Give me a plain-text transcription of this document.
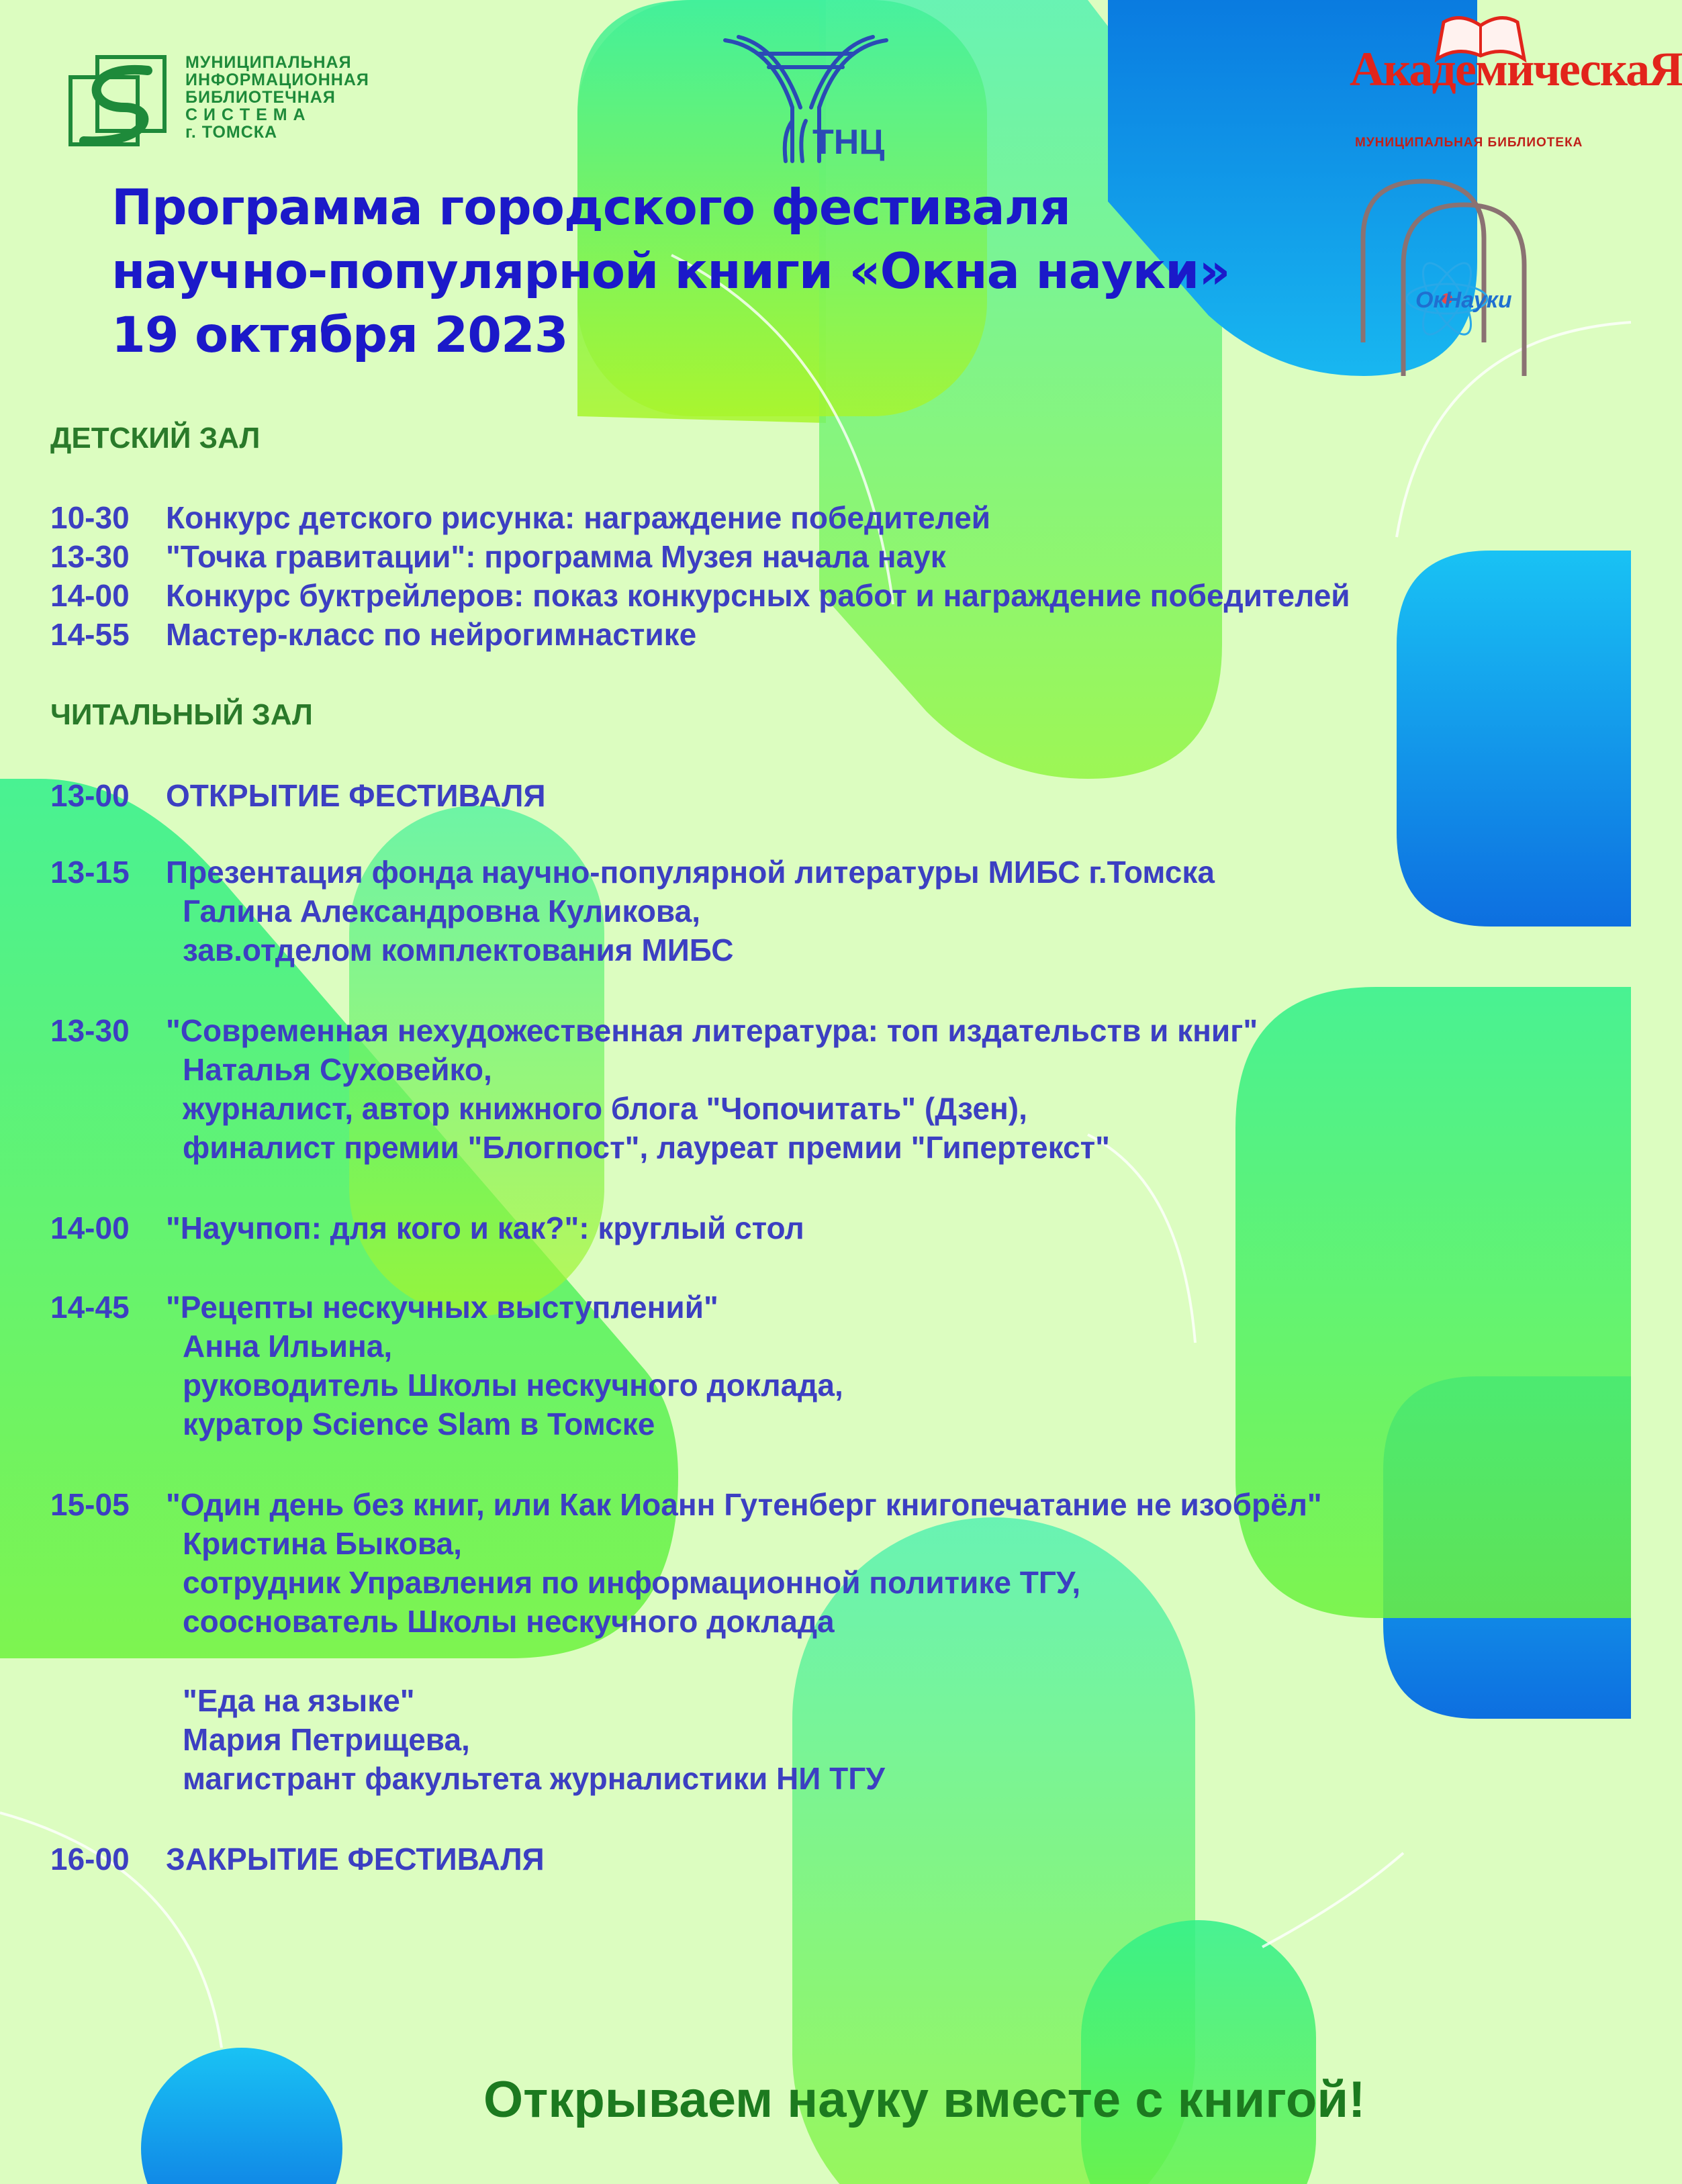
МУНИЦИПАЛЬНАЯ
ИНФОРМАЦИОННАЯ
БИБЛИОТЕЧНАЯ
С И С Т Е М А
г. ТОМСКА	ТНЦ
АкадемическаЯ
МУНИЦИПАЛЬНАЯ БИБЛИОТЕКА
ОкНауки
Программа городского фестиваля
научно-популярной книги «Окна науки»
19 октября 2023
ДЕТСКИЙ ЗАЛ
10-30 Конкурс детского рисунка: награждение победителей
13-30 "Точка гравитации": программа Музея начала наук
14-00 Конкурс буктрейлеров: показ конкурсных работ и награждение победителей
14-55 Мастер-класс по нейрогимнастике
ЧИТАЛЬНЫЙ ЗАЛ
13-00 ОТКРЫТИЕ ФЕСТИВАЛЯ
13-15 Презентация фонда научно-популярной литературы МИБС г.Томска
Галина Александровна Куликова,
зав.отделом комплектования МИБС
13-30 "Современная нехудожественная литература: топ издательств и книг"
Наталья Суховейко,
журналист, автор книжного блога "Чопочитать" (Дзен),
финалист премии "Блогпост", лауреат премии "Гипертекст"
14-00 "Научпоп: для кого и как?": круглый стол
14-45 "Рецепты нескучных выступлений"
Анна Ильина,
руководитель Школы нескучного доклада,
куратор Science Slam в Томске
15-05 "Один день без книг, или Как Иоанн Гутенберг книгопечатание не изобрёл"
Кристина Быкова,
сотрудник Управления по информационной политике ТГУ,
сооснователь Школы нескучного доклада
"Еда на языке"
Мария Петрищева,
магистрант факультета журналистики НИ ТГУ
16-00 ЗАКРЫТИЕ ФЕСТИВАЛЯ
Открываем науку вместе с книгой!
